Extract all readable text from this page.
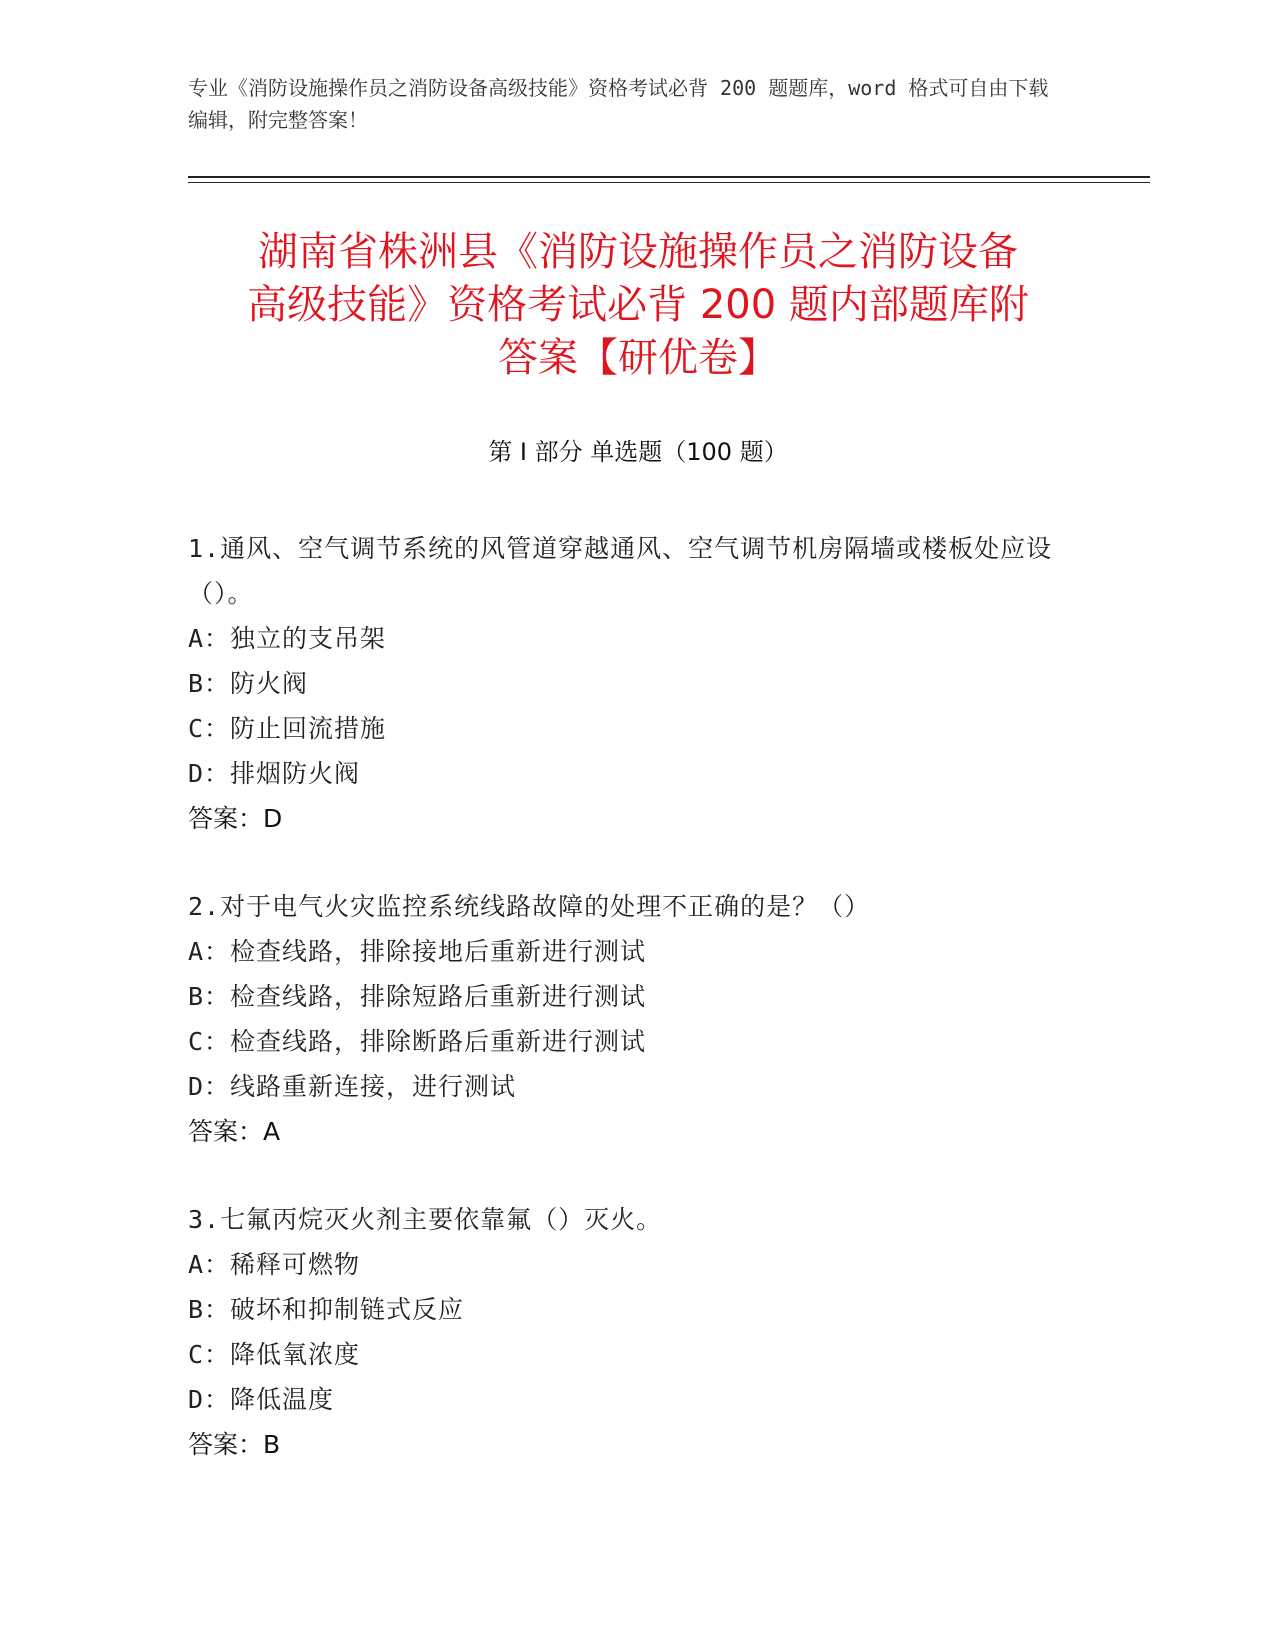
专业《消防设施操作员之消防设备高级技能》资格考试必背 200 题题库，word 格式可自由下载编辑，附完整答案！
湖南省株洲县《消防设施操作员之消防设备
高级技能》资格考试必背 200 题内部题库附
答案【研优卷】
第 I 部分 单选题（100 题）
1.通风、空气调节系统的风管道穿越通风、空气调节机房隔墙或楼板处应设（）。
A：独立的支吊架
B：防火阀
C：防止回流措施
D：排烟防火阀
答案：D
2.对于电气火灾监控系统线路故障的处理不正确的是？（）
A：检查线路，排除接地后重新进行测试
B：检查线路，排除短路后重新进行测试
C：检查线路，排除断路后重新进行测试
D：线路重新连接，进行测试
答案：A
3.七氟丙烷灭火剂主要依靠氟（）灭火。
A：稀释可燃物
B：破坏和抑制链式反应
C：降低氧浓度
D：降低温度
答案：B
